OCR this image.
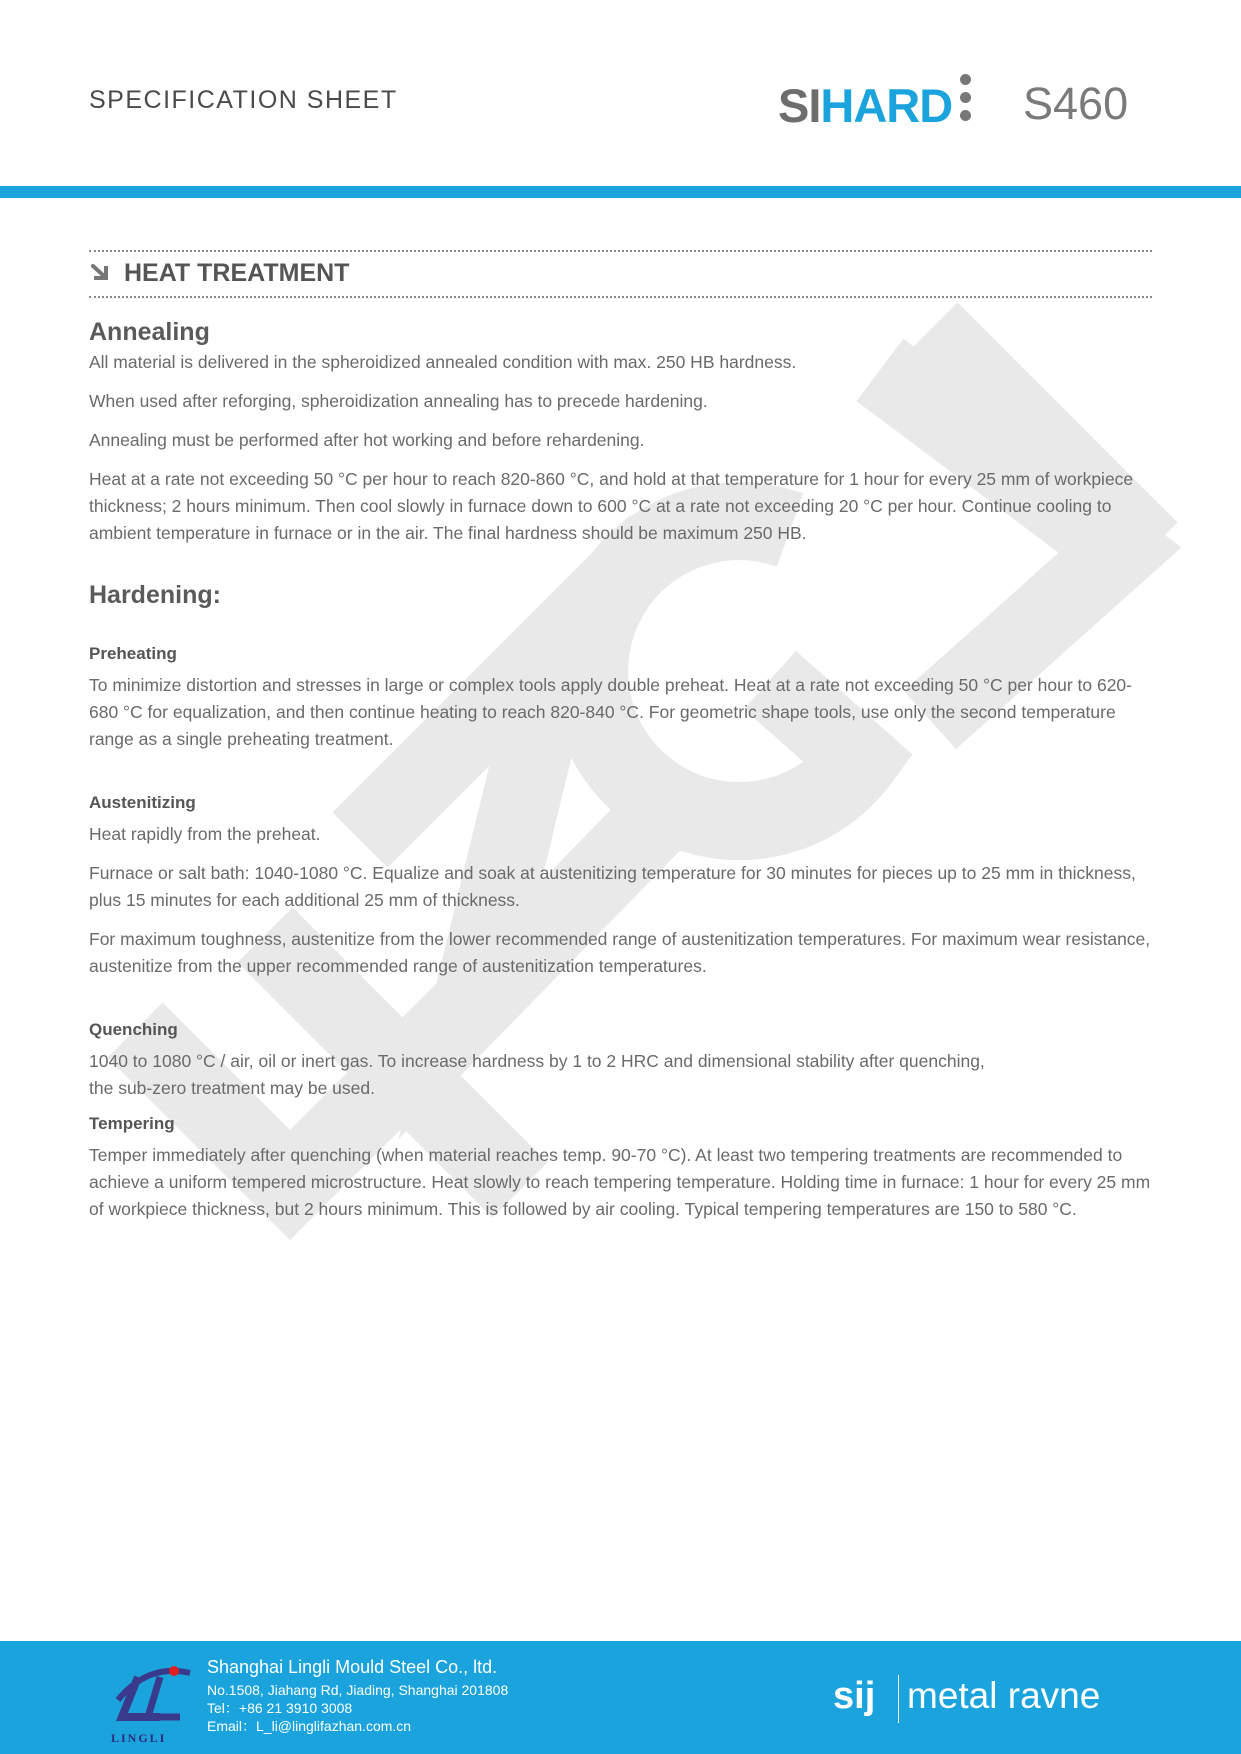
SPECIFICATION SHEET	SIHARD S460
HEAT TREATMENT
Annealing

All material is delivered in the spheroidized annealed condition with max. 250 HB hardness.

When used after reforging, spheroidization annealing has to precede hardening.

Annealing must be performed after hot working and before rehardening.

Heat at a rate not exceeding 50 °C per hour to reach 820-860 °C, and hold at that temperature for 1 hour for every 25 mm of workpiece thickness; 2 hours minimum. Then cool slowly in furnace down to 600 °C at a rate not exceeding 20 °C per hour. Continue cooling to ambient temperature in furnace or in the air. The final hardness should be maximum 250 HB.

Hardening:
Preheating

To minimize distortion and stresses in large or complex tools apply double preheat. Heat at a rate not exceeding 50 °C per hour to 620-680 °C for equalization, and then continue heating to reach 820-840 °C. For geometric shape tools, use only the second temperature range as a single preheating treatment.

Austenitizing

Heat rapidly from the preheat.

Furnace or salt bath: 1040-1080 °C. Equalize and soak at austenitizing temperature for 30 minutes for pieces up to 25 mm in thickness, plus 15 minutes for each additional 25 mm of thickness.

For maximum toughness, austenitize from the lower recommended range of austenitization temperatures. For maximum wear resistance, austenitize from the upper recommended range of austenitization temperatures.

Quenching

1040 to 1080 °C / air, oil or inert gas. To increase hardness by 1 to 2 HRC and dimensional stability after quenching,
the sub-zero treatment may be used.

Tempering

Temper immediately after quenching (when material reaches temp. 90-70 °C). At least two tempering treatments are recommended to achieve a uniform tempered microstructure. Heat slowly to reach tempering temperature. Holding time in furnace: 1 hour for every 25 mm of workpiece thickness, but 2 hours minimum. This is followed by air cooling. Typical tempering temperatures are 150 to 580 °C.

LINGLI
Shanghai Lingli Mould Steel Co., ltd.
No.1508, Jiahang Rd, Jiading, Shanghai 201808
Tel：+86 21 3910 3008
Email：L_li@linglifazhan.com.cn
sij metal ravne
